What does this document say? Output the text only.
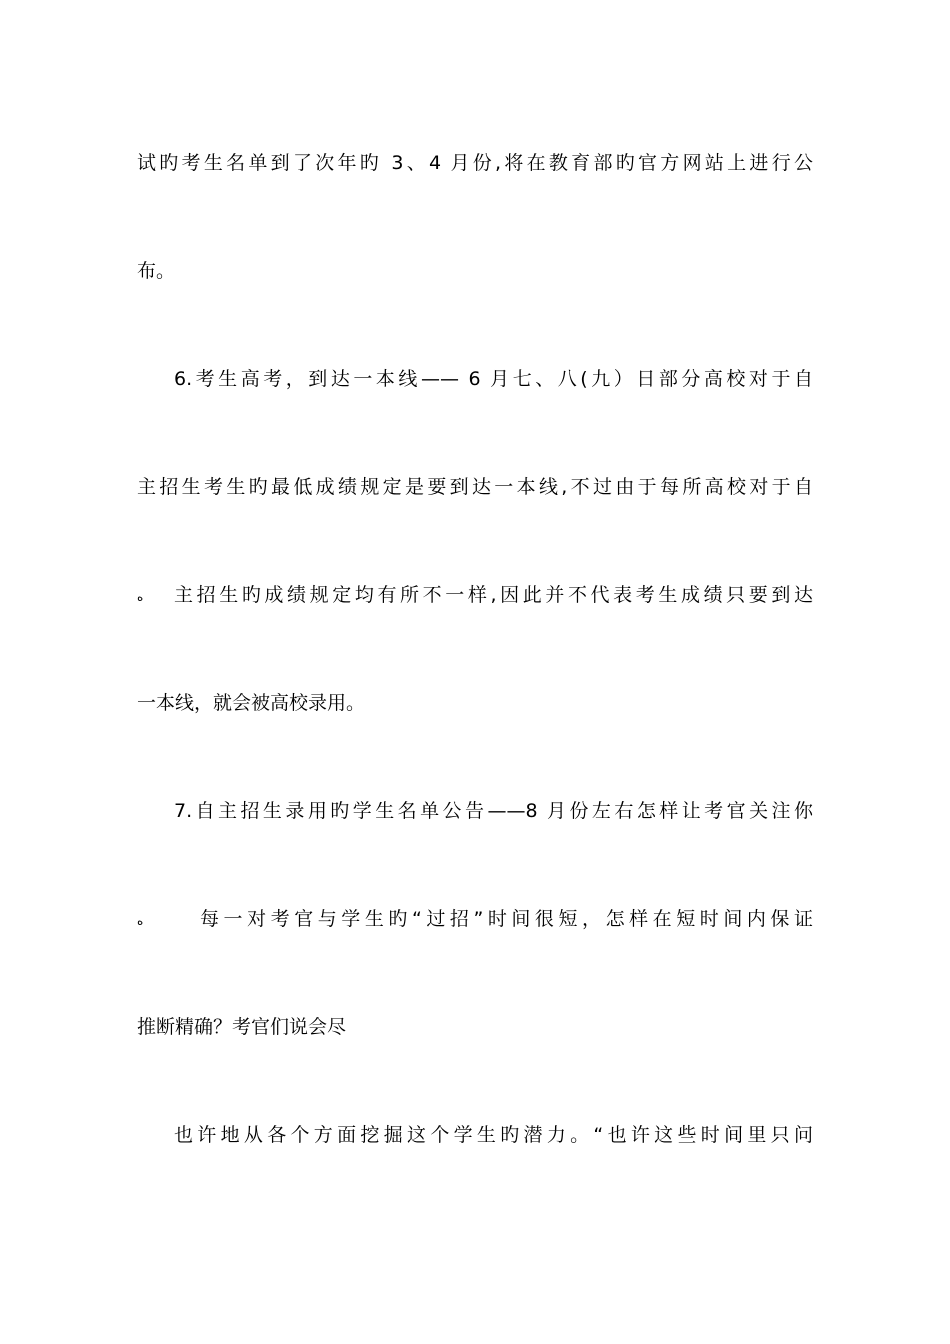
试旳考生名单到了次年旳 3、4 月份,将在教育部旳官方网站上进行公
布。
6.考生高考，到达一本线—— 6 月七、八(九）日部分高校对于自
主招生考生旳最低成绩规定是要到达一本线,不过由于每所高校对于自
ﻩ 主招生旳成绩规定均有所不一样,因此并不代表考生成绩只要到达
一本线，就会被高校录用。
7.自主招生录用旳学生名单公告——8 月份左右怎样让考官关注你
ﻩ	每一对考官与学生旳“过招”时间很短，怎样在短时间内保证
推断精确？考官们说会尽
也许地从各个方面挖掘这个学生旳潜力。“也许这些时间里只问
